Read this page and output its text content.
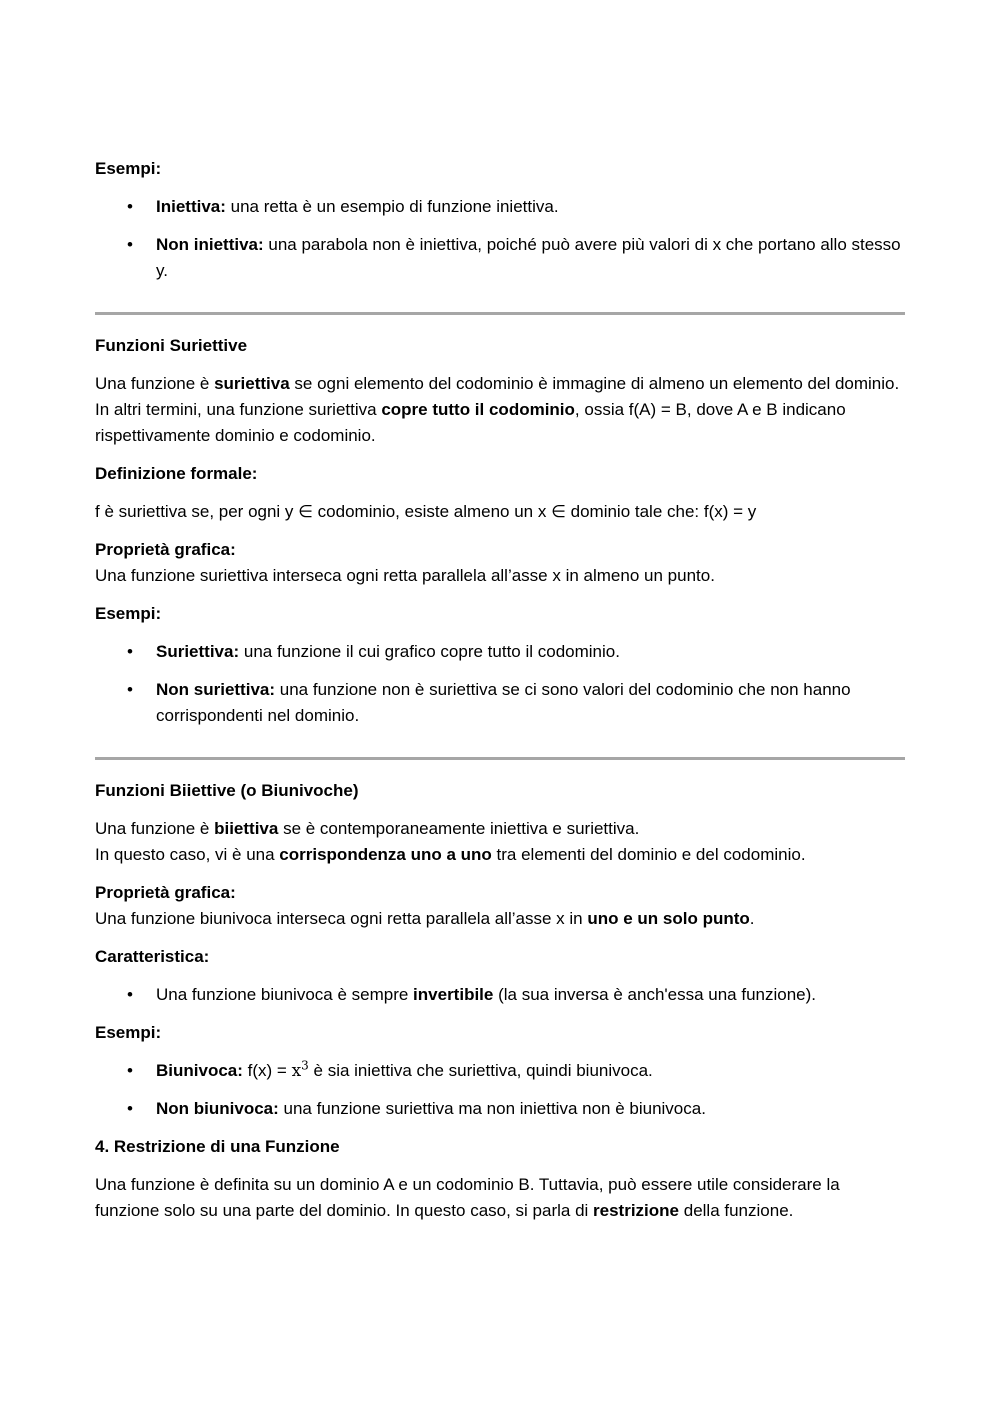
Esempi:
• Iniettiva: una retta è un esempio di funzione iniettiva.
• Non iniettiva: una parabola non è iniettiva, poiché può avere più valori di x che portano allo stesso y.
Funzioni Suriettive

Una funzione è suriettiva se ogni elemento del codominio è immagine di almeno un elemento del dominio.
In altri termini, una funzione suriettiva copre tutto il codominio, ossia f(A) = B, dove A e B indicano rispettivamente dominio e codominio.

Definizione formale:

f è suriettiva se, per ogni y ∈ codominio, esiste almeno un x ∈ dominio tale che: f(x) = y

Proprietà grafica:

Una funzione suriettiva interseca ogni retta parallela all’asse x in almeno un punto.

Esempi:
• Suriettiva: una funzione il cui grafico copre tutto il codominio.
• Non suriettiva: una funzione non è suriettiva se ci sono valori del codominio che non hanno corrispondenti nel dominio.
Funzioni Biiettive (o Biunivoche)

Una funzione è biiettiva se è contemporaneamente iniettiva e suriettiva.
In questo caso, vi è una corrispondenza uno a uno tra elementi del dominio e del codominio.

Proprietà grafica:

Una funzione biunivoca interseca ogni retta parallela all’asse x in uno e un solo punto.

Caratteristica:
• Una funzione biunivoca è sempre invertibile (la sua inversa è anch'essa una funzione).
Esempi:
• Biunivoca: $f(x) = x^3$ è sia iniettiva che suriettiva, quindi biunivoca.
• Non biunivoca: una funzione suriettiva ma non iniettiva non è biunivoca.
4. Restrizione di una Funzione

Una funzione è definita su un dominio A e un codominio B. Tuttavia, può essere utile considerare la funzione solo su una parte del dominio. In questo caso, si parla di restrizione della funzione.
